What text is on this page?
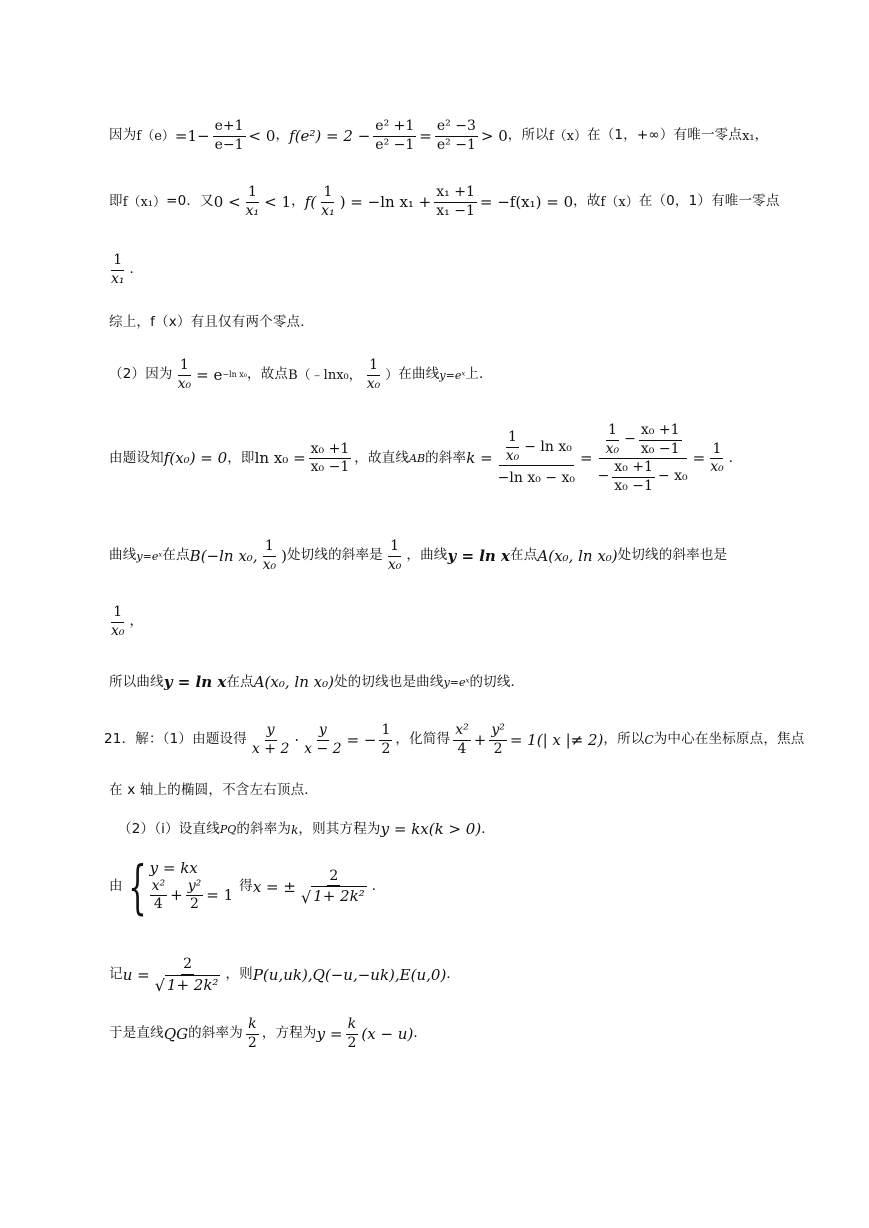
因为 $f(e) =1- \frac{e+1}{e-1} < 0$ ， $f(e^2) = 2 - \frac{\text{e² +1}}{\text{e² −1}} = \frac{\text{e² −3}}{\text{e² −1}} > 0$ ，所以 f（x） 在（1，+∞）有唯一零点 x₁ ，
即 f（x₁） =0．又 $0 < \frac{1}{\text{x₁}} < 1$ ， $f( \frac{1}{\text{x₁}}$ ) = −ln $x_1 + \frac{\text{x₁ +1}}{\text{x₁ −1}} = -f(x_1) = 0$ ，故 f（x） 在（0，1）有唯一零点
$\frac{1}{\text{x₁}}$ ．
综上，f（x）有且仅有两个零点．
（2）因为 $\frac{1}{\text{x₀}} = e -\ln$ x₀ ，故点 B（﹣lnx₀， $\frac{1}{\text{x₀}}$ ） 在曲线 y=eˣ 上．
由题设知 f(x₀) = 0 ，即 $\ln x_0 = \frac{\text{x₀ +1}}{\text{x₀ −1}}$ ，故直线 AB 的斜率 $k = \frac{\frac{1}{\text{x₀}} - \ln x_0}{\text{−ln x₀ − x₀}} = \frac{\frac{1}{\text{x₀}} - \frac{\text{x₀ +1}}{\text{x₀ −1}}}{- \frac{\text{x₀ +1}}{\text{x₀ −1}} - x_0} = \frac{1}{\text{x₀}}$ ．
曲线 y=eˣ 在点 B(−ln x₀, $\frac{1}{\text{x₀}}$ ) 处切线的斜率是 $\frac{1}{\text{x₀}}$ ，曲线 y = ln x 在点 A(x₀, ln x₀) 处切线的斜率也是
$\frac{1}{\text{x₀}}$ ，
所以曲线 y = ln x 在点 A(x₀, ln x₀) 处的切线也是曲线 y=eˣ 的切线．
21．解：（1）由题设得 $\frac{y}{x + 2} \cdot \frac{y}{x - 2}$ = − $\frac{1}{2}$ ，化简得 $\frac{\text{x²}}{4} + \frac{\text{y²}}{2} = 1(|$ x |≠ 2) ，所以 C 为中心在坐标原点，焦点
在 x 轴上的椭圆，不含左右顶点．
（2）（i）设直线 PQ 的斜率为 k ，则其方程为 y = kx(k > 0) ．
由 { y = kx
$\frac{\text{x²}}{4} + \frac{\text{y²}}{2} = 1$ 得 x = ± $\frac{2}{\text{√ 1+ 2k²}}$ ．
记 $u = \frac{2}{\text{√ 1+ 2k²}}$ ，则 P(u,uk),Q(−u,−uk),E(u,0) ．
于是直线 QG 的斜率为 $\frac{k}{2}$ ，方程为 $y = \frac{k}{2} (x - u)$ ．
